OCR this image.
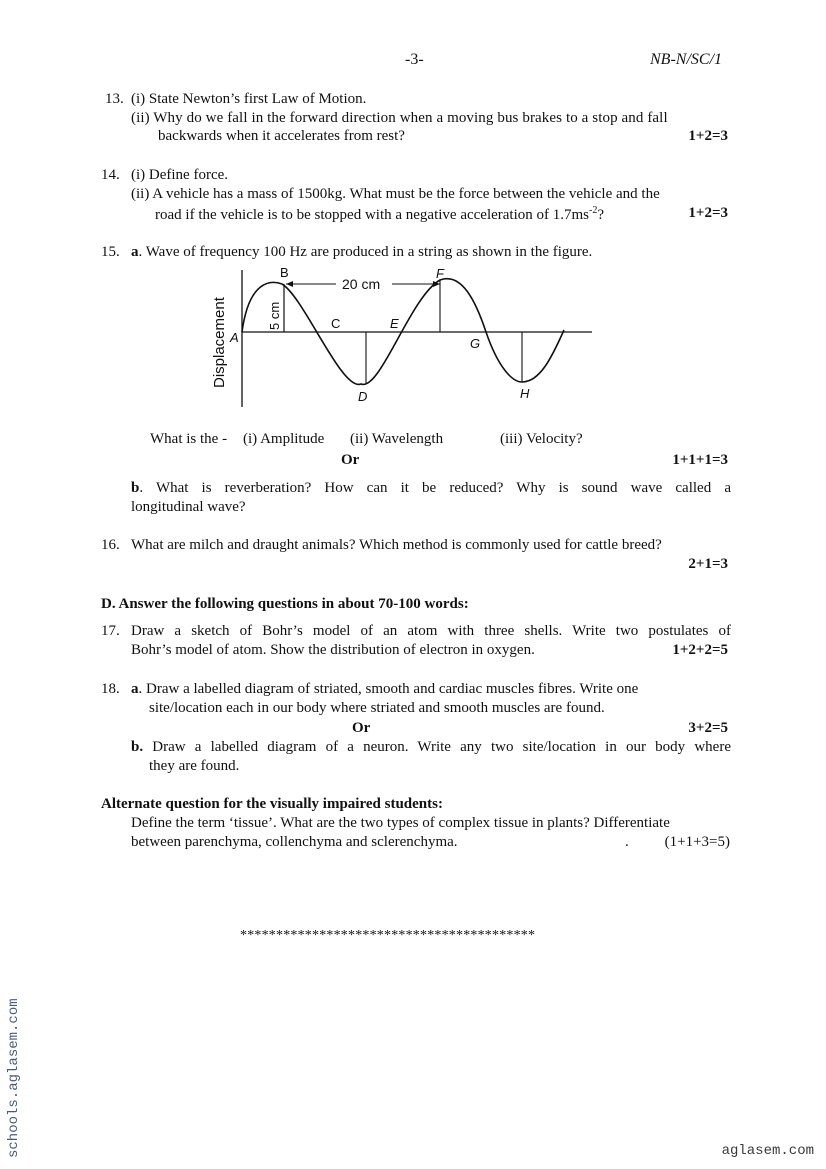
-3-	NB-N/SC/1
13. (i) State Newton’s first Law of Motion.
(ii) Why do we fall in the forward direction when a moving bus brakes to a stop and fall
backwards when it accelerates from rest?	1+2=3
14. (i) Define force.
(ii) A vehicle has a mass of 1500kg. What must be the force between the vehicle and the
road if the vehicle is to be stopped with a negative acceleration of $1.7ms^{-2}$?	1+2=3
15. a. Wave of frequency 100 Hz are produced in a string as shown in the figure.
Displacement
20 cm
5 cm
A
B
C
D
E
F
G
H
What is the - (i) Amplitude (ii) Wavelength	(iii) Velocity?
Or	1+1+1=3
b. What is reverberation? How can it be reduced? Why is sound wave called a
longitudinal wave?
16. What are milch and draught animals? Which method is commonly used for cattle breed?
2+1=3
D. Answer the following questions in about 70-100 words:
17. Draw a sketch of Bohr’s model of an atom with three shells. Write two postulates of
Bohr’s model of atom. Show the distribution of electron in oxygen.	1+2+2=5
18. a. Draw a labelled diagram of striated, smooth and cardiac muscles fibres. Write one
site/location each in our body where striated and smooth muscles are found.
Or	3+2=5
b. Draw a labelled diagram of a neuron. Write any two site/location in our body where
they are found.
Alternate question for the visually impaired students:
Define the term ‘tissue’. What are the two types of complex tissue in plants? Differentiate
between parenchyma, collenchyma and sclerenchyma.	. (1+1+3=5)
*****************************************
schools.aglasem.com	aglasem.com
